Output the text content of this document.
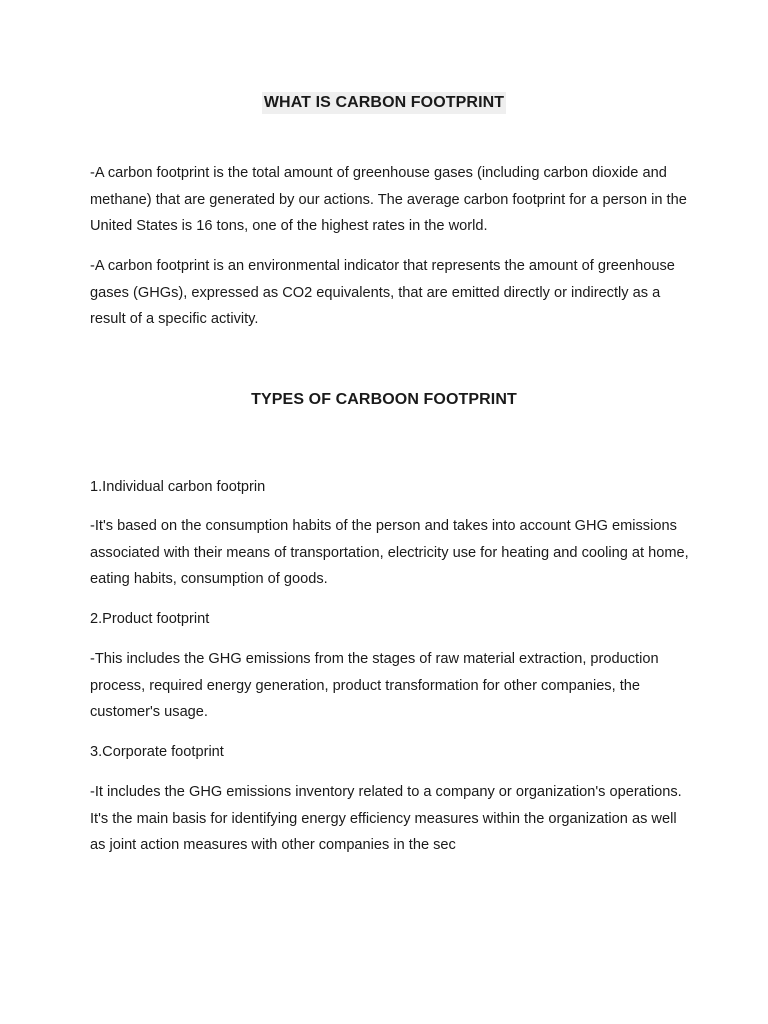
WHAT IS CARBON FOOTPRINT

-A carbon footprint is the total amount of greenhouse gases (including carbon dioxide and methane) that are generated by our actions. The average carbon footprint for a person in the United States is 16 tons, one of the highest rates in the world.

-A carbon footprint is an environmental indicator that represents the amount of greenhouse gases (GHGs), expressed as CO2 equivalents, that are emitted directly or indirectly as a result of a specific activity.

TYPES OF CARBOON FOOTPRINT

1.Individual carbon footprin

-It's based on the consumption habits of the person and takes into account GHG emissions associated with their means of transportation, electricity use for heating and cooling at home, eating habits, consumption of goods.

2.Product footprint

-This includes the GHG emissions from the stages of raw material extraction, production process, required energy generation, product transformation for other companies, the customer's usage.

3.Corporate footprint

-It includes the GHG emissions inventory related to a company or organization's operations. It's the main basis for identifying energy efficiency measures within the organization as well as joint action measures with other companies in the sec
